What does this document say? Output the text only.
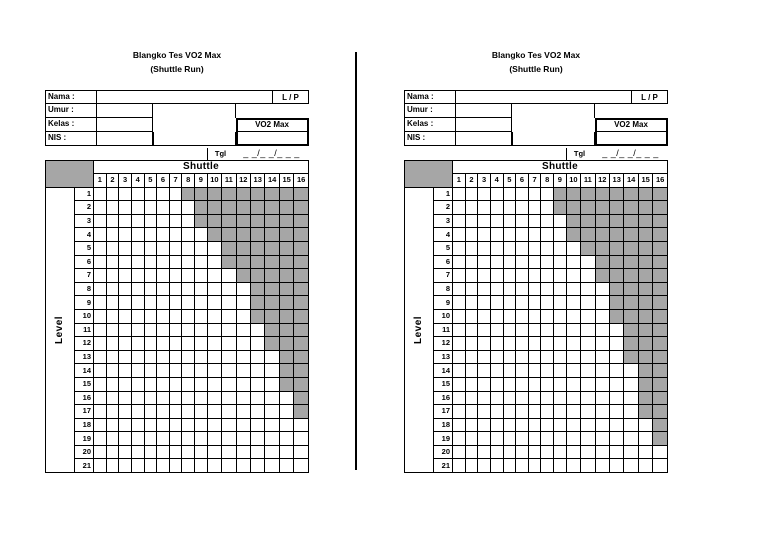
Blangko Tes VO2 Max
(Shuttle Run)
Nama :	L / P
Umur :
VO2 Max
Kelas :
NIS :
Tgl	_ _/_ _/_ _ _
		Shuttle															
		1	2	3	4	5	6	7	8	9	10	11	12	13	14	15	16
Level	1																
	2																
	3																
	4																
	5																
	6																
	7																
	8																
	9																
	10																
	11																
	12																
	13																
	14																
	15																
	16																
	17																
	18																
	19																
	20																
	21																
Blangko Tes VO2 Max
(Shuttle Run)
Nama :	L / P
Umur :
VO2 Max
Kelas :
NIS :
Tgl	_ _/_ _/_ _ _
		Shuttle															
		1	2	3	4	5	6	7	8	9	10	11	12	13	14	15	16
Level	1																
	2																
	3																
	4																
	5																
	6																
	7																
	8																
	9																
	10																
	11																
	12																
	13																
	14																
	15																
	16																
	17																
	18																
	19																
	20																
	21																
